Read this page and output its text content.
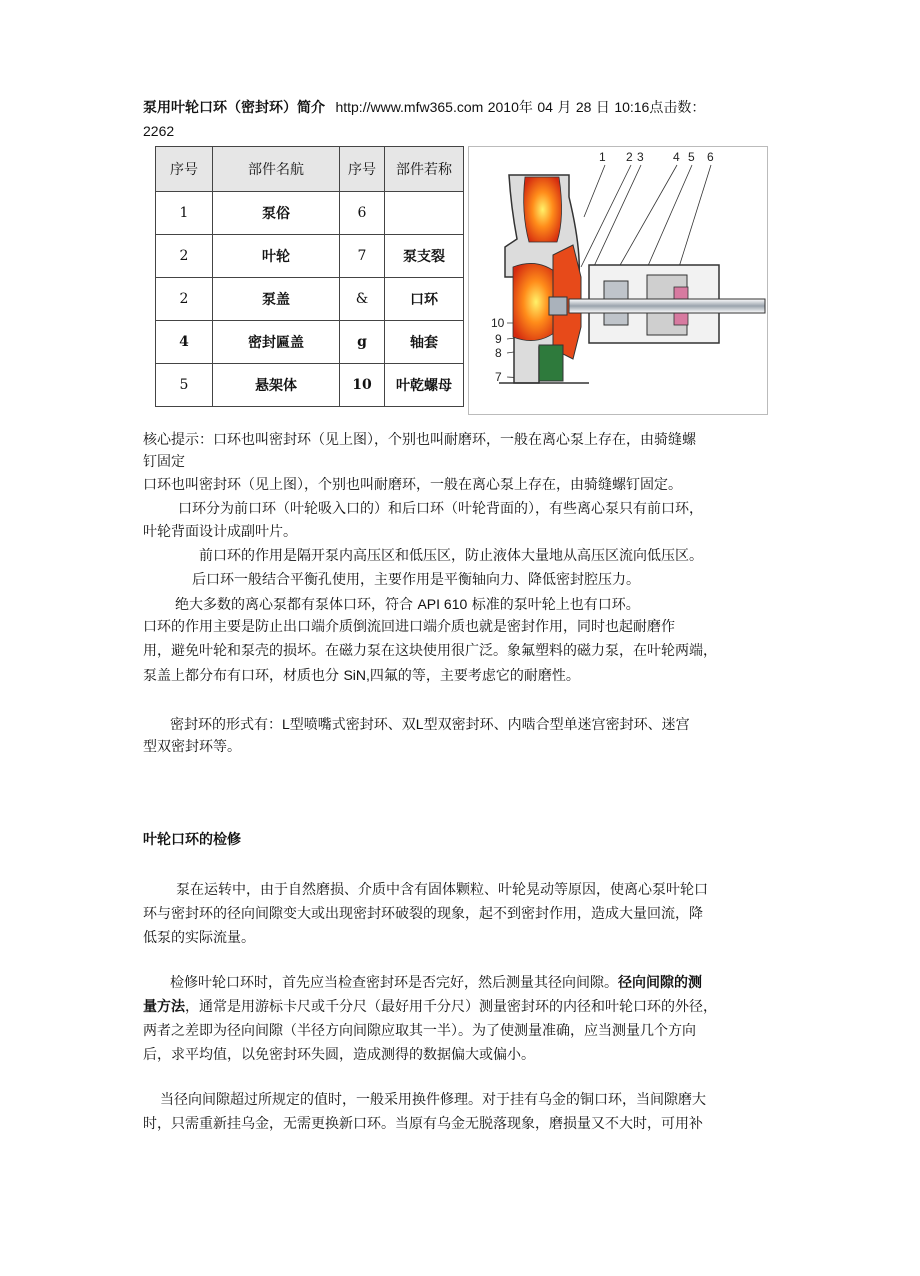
泵用叶轮口环（密封环）简介 http://www.mfw365.com 2010年 04 月 28 日 10:16点击数：
2262
序号	部件名航	序号	部件若称
1	泵俗	6	
2	叶轮	7	泵支裂
2	泵盖	&	口环
4	密封匾盖	g	轴套
5	悬架体	10	叶乾螺母
1 2 3 4 5 6
10
9
8
7
核心提示：口环也叫密封环（见上图），个别也叫耐磨环，一般在离心泵上存在，由骑缝螺
钉固定
口环也叫密封环（见上图），个别也叫耐磨环，一般在离心泵上存在，由骑缝螺钉固定。
口环分为前口环（叶轮吸入口的）和后口环（叶轮背面的），有些离心泵只有前口环，
叶轮背面设计成副叶片。
前口环的作用是隔开泵内高压区和低压区，防止液体大量地从高压区流向低压区。
后口环一般结合平衡孔使用，主要作用是平衡轴向力、降低密封腔压力。
绝大多数的离心泵都有泵体口环，符合 API 610 标准的泵叶轮上也有口环。
口环的作用主要是防止出口端介质倒流回进口端介质也就是密封作用，同时也起耐磨作
用，避免叶轮和泵壳的损坏。在磁力泵在这块使用很广泛。象氟塑料的磁力泵，在叶轮两端，
泵盖上都分布有口环，材质也分 SiN,四氟的等，主要考虑它的耐磨性。
密封环的形式有：L型喷嘴式密封环、双L型双密封环、内啮合型单迷宫密封环、迷宫
型双密封环等。
叶轮口环的检修
泵在运转中，由于自然磨损、介质中含有固体颗粒、叶轮晃动等原因，使离心泵叶轮口
环与密封环的径向间隙变大或出现密封环破裂的现象，起不到密封作用，造成大量回流，降
低泵的实际流量。
检修叶轮口环时，首先应当检查密封环是否完好，然后测量其径向间隙。径向间隙的测
量方法，通常是用游标卡尺或千分尺（最好用千分尺）测量密封环的内径和叶轮口环的外径，
两者之差即为径向间隙（半径方向间隙应取其一半）。为了使测量准确，应当测量几个方向
后，求平均值，以免密封环失圆，造成测得的数据偏大或偏小。
当径向间隙超过所规定的值时，一般采用换件修理。对于挂有乌金的铜口环，当间隙磨大
时，只需重新挂乌金，无需更换新口环。当原有乌金无脱落现象，磨损量又不大时，可用补
